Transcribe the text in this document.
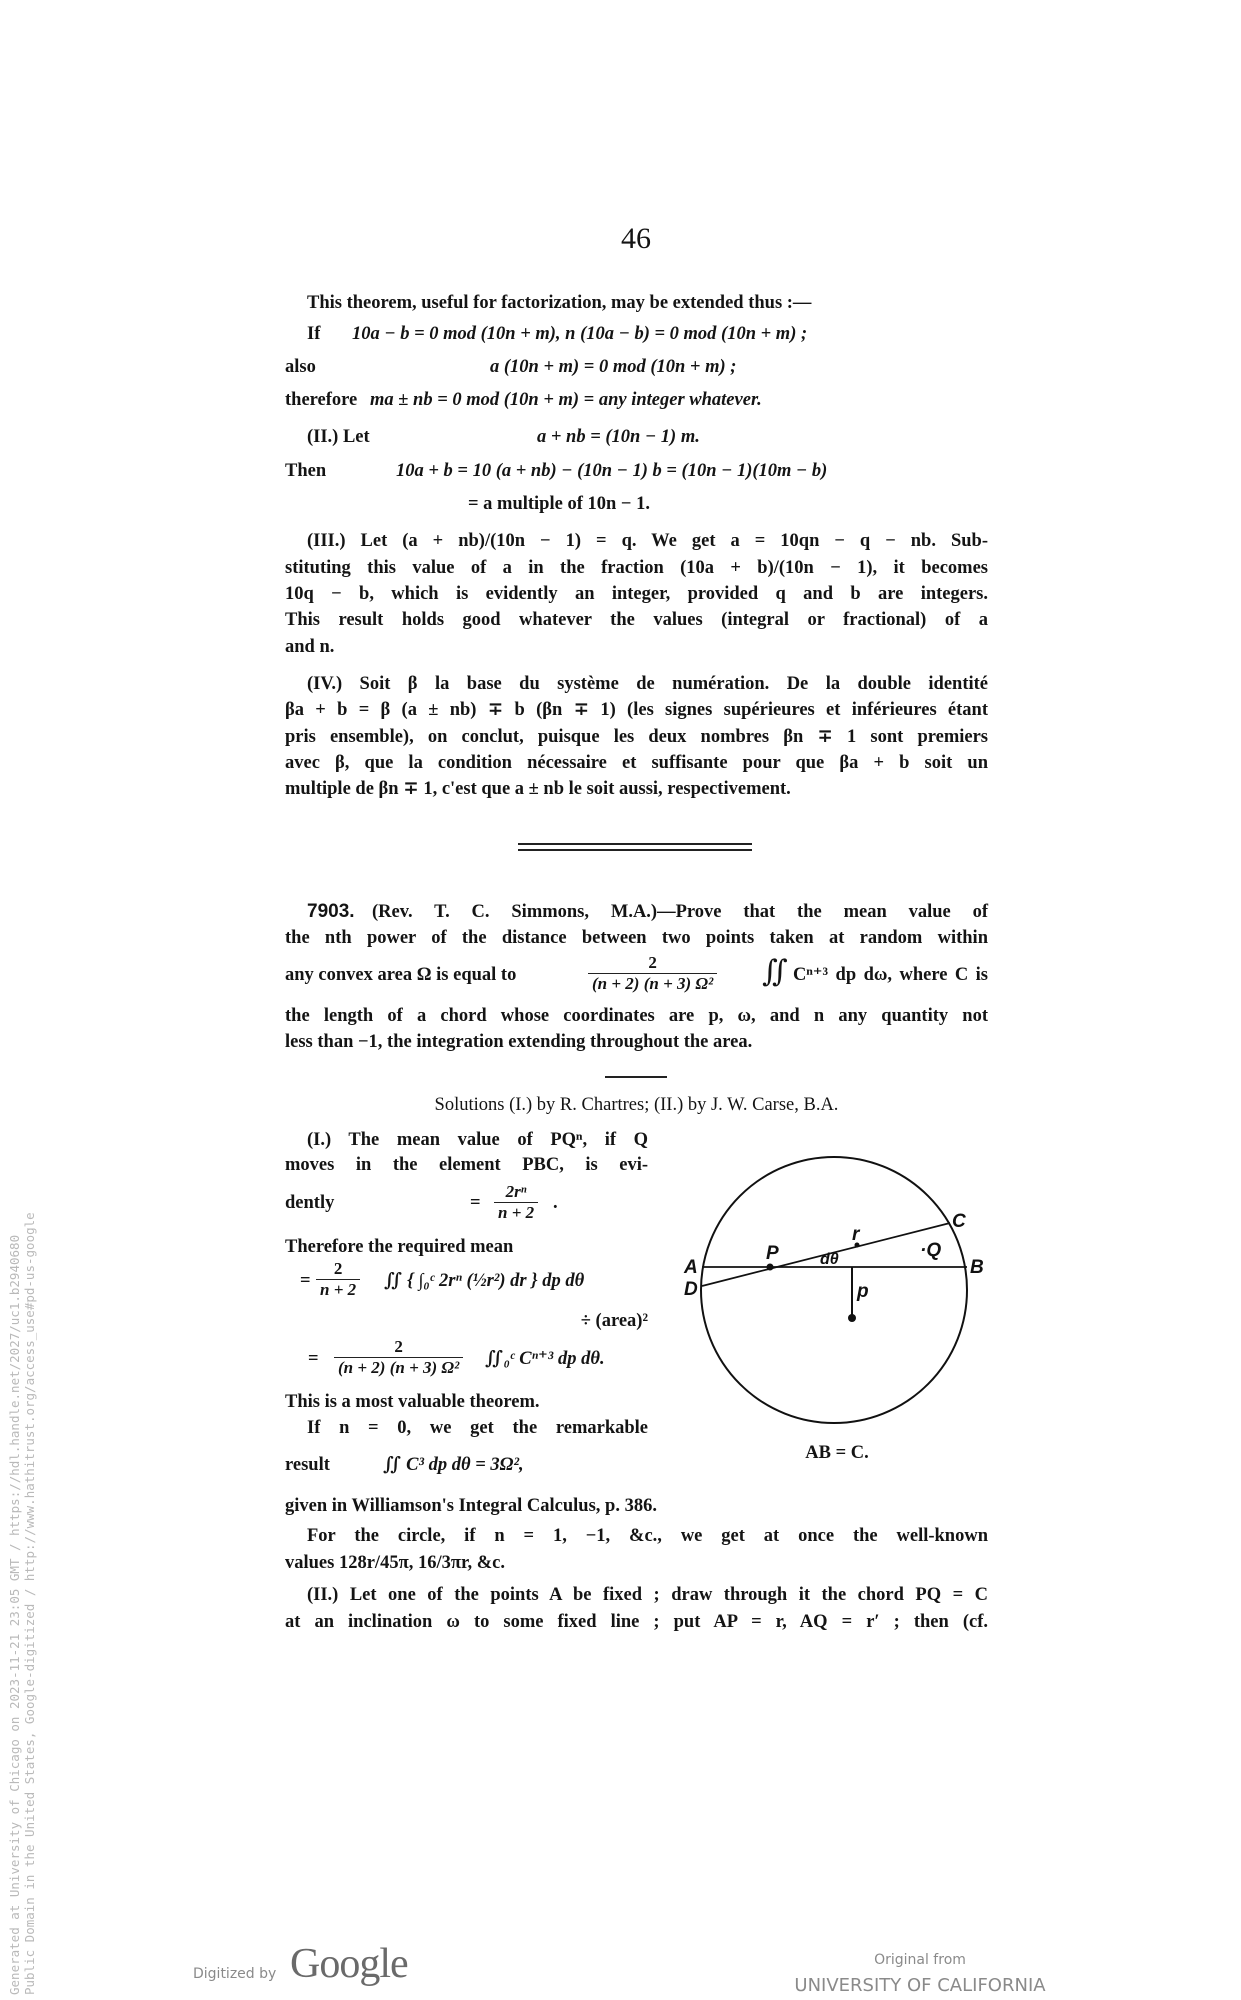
46
This theorem, useful for factorization, may be extended thus :—
If 10a − b = 0 mod (10n + m), n (10a − b) = 0 mod (10n + m) ;
also	a (10n + m) = 0 mod (10n + m) ;
therefore ma ± nb = 0 mod (10n + m) = any integer whatever.
(II.) Let	a + nb = (10n − 1) m.
Then	10a + b = 10 (a + nb) − (10n − 1) b = (10n − 1)(10m − b)
= a multiple of 10n − 1.
(III.) Let (a + nb)/(10n − 1) = q. We get a = 10qn − q − nb. Sub-
stituting this value of a in the fraction (10a + b)/(10n − 1), it becomes
10q − b, which is evidently an integer, provided q and b are integers.
This result holds good whatever the values (integral or fractional) of a
and n.
(IV.) Soit β la base du système de numération. De la double identité
βa + b = β (a ± nb) ∓ b (βn ∓ 1) (les signes supérieures et inférieures étant
pris ensemble), on conclut, puisque les deux nombres βn ∓ 1 sont premiers
avec β, que la condition nécessaire et suffisante pour que βa + b soit un
multiple de βn ∓ 1, c'est que a ± nb le soit aussi, respectivement.
7903. (Rev. T. C. Simmons, M.A.)—Prove that the mean value of
the nth power of the distance between two points taken at random within
any convex area Ω is equal to	$\frac{2}{\text{(n + 2) (n + 3) Ω²}}$ ∬ Cⁿ⁺³ dp dω, where C is
the length of a chord whose coordinates are p, ω, and n any quantity not
less than −1, the integration extending throughout the area.
Solutions (I.) by R. Chartres; (II.) by J. W. Carse, B.A.
(I.) The mean value of PQⁿ, if Q
moves in the element PBC, is evi-
dently	= $\frac{\text{2rⁿ}}{n + 2}$ .
Therefore the required mean
= $\frac{2}{n + 2}$ ∬ { ∫₀ᶜ 2rⁿ (½r²) dr } dp dθ
÷ (area)²
= $\frac{2}{\text{(n + 2) (n + 3) Ω²}}$ ∬₀ᶜ Cⁿ⁺³ dp dθ.
This is a most valuable theorem.
If n = 0, we get the remarkable
result	∬ C³ dp dθ = 3Ω²,
given in Williamson's Integral Calculus, p. 386.
For the circle, if n = 1, −1, &c., we get at once the well-known
values 128r/45π, 16/3πr, &c.
(II.) Let one of the points A be fixed ; draw through it the chord PQ = C
at an inclination ω to some fixed line ; put AP = r, AQ = r′ ; then (cf.
A
D
B
C
P	·Q
r
dθ
p
AB = C.
Generated at University of Chicago on 2023-11-21 23:05 GMT / https://hdl.handle.net/2027/uc1.b2940680 Public Domain in the United States, Google-digitized / http://www.hathitrust.org/access_use#pd-us-google	Digitized by Google	Original from
UNIVERSITY OF CALIFORNIA
